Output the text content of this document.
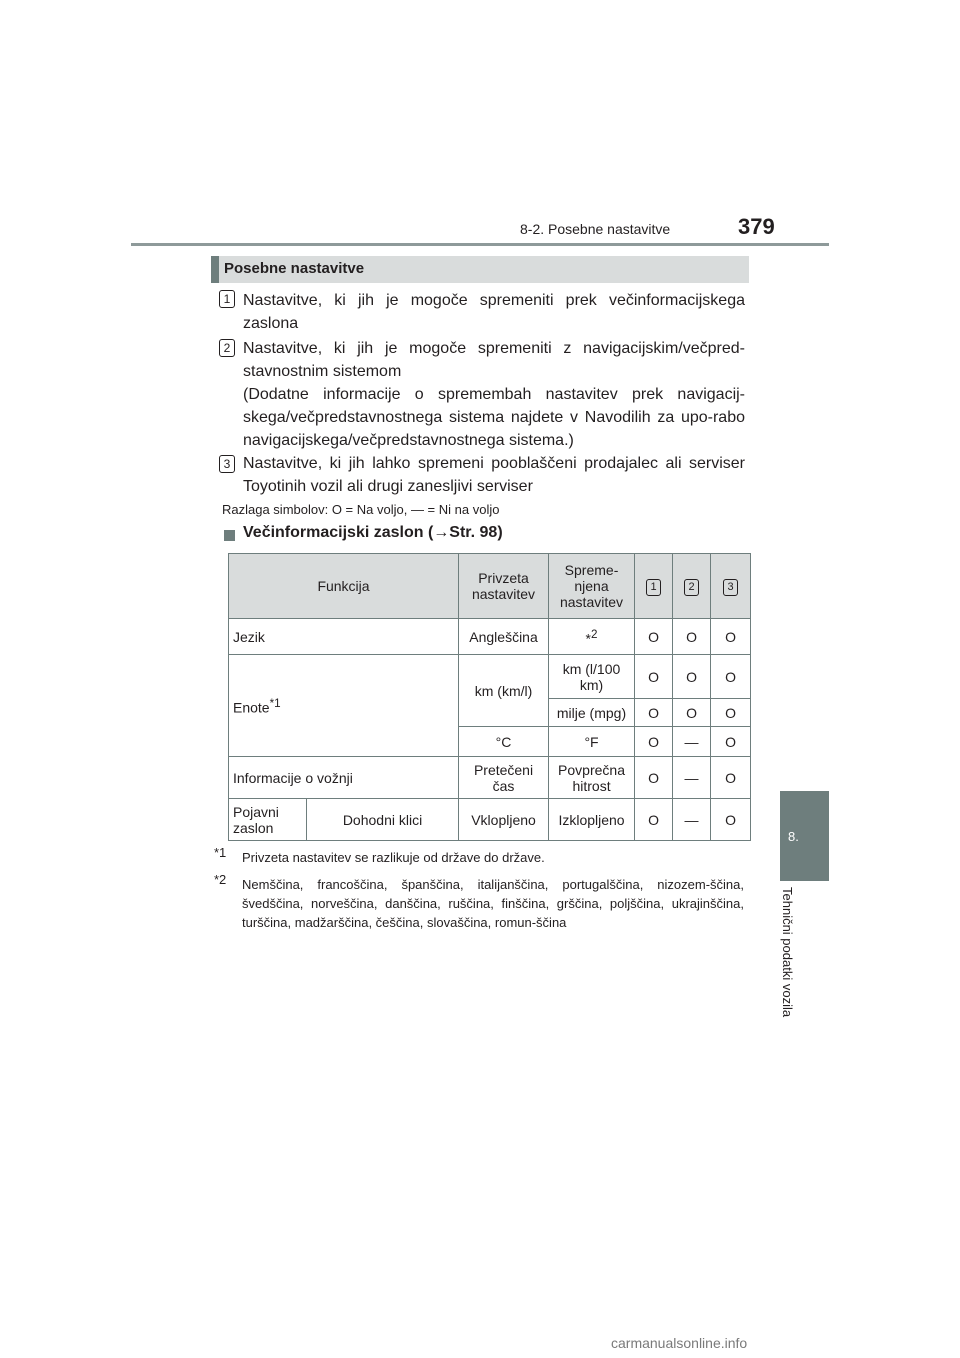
8-2. Posebne nastavitve	379
8.
Tehnični podatki vozila
Posebne nastavitve
1 Nastavitve, ki jih je mogoče spremeniti prek večinformacijskega zaslona
2 Nastavitve, ki jih je mogoče spremeniti z navigacijskim/večpred-stavnostnim sistemom
(Dodatne informacije o spremembah nastavitev prek navigacij-skega/večpredstavnostnega sistema najdete v Navodilih za upo-rabo navigacijskega/večpredstavnostnega sistema.)
3 Nastavitve, ki jih lahko spremeni pooblaščeni prodajalec ali serviser Toyotinih vozil ali drugi zanesljivi serviser
Razlaga simbolov: O = Na voljo, — = Ni na voljo
Večinformacijski zaslon (→Str. 98)
Funkcija		Privzeta nastavitev	Spreme- njena nastavitev	1	2	3
Jezik		Angleščina	*$^2$	O	O	O
Enote$^{*1}$		km (km/l)	km (l/100 km)	O	O	O
			milje (mpg)	O	O	O
		°C	°F	O	—	O
Informacije o vožnji		Pretečeni čas	Povprečna hitrost	O	—	O
Pojavni zaslon	Dohodni klici	Vklopljeno	Izklopljeno	O	—	O
*1 Privzeta nastavitev se razlikuje od države do države.
*2 Nemščina, francoščina, španščina, italijanščina, portugalščina, nizozem-ščina, švedščina, norveščina, danščina, ruščina, finščina, grščina, poljščina, ukrajinščina, turščina, madžarščina, češčina, slovaščina, romun-ščina
carmanualsonline.info
